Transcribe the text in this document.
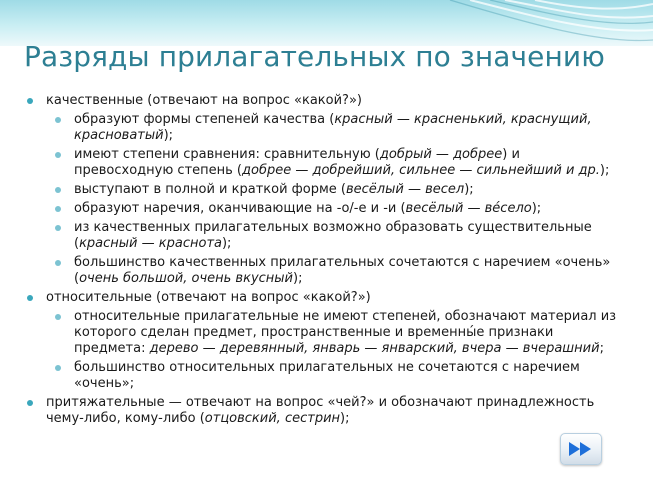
Разряды прилагательных по значению
качественные (отвечают на вопрос «какой?»)
образуют формы степеней качества (красный — красненький, краснущий, красноватый);
имеют степени сравнения: сравнительную (добрый — добрее) и превосходную степень (добрее — добрейший, сильнее — сильнейший и др.);
выступают в полной и краткой форме (весёлый — весел);
образуют наречия, оканчивающие на -о/-е и -и (весёлый — ве́село);
из качественных прилагательных возможно образовать существительные (красный — краснота);
большинство качественных прилагательных сочетаются с наречием «очень» (очень большой, очень вкусный);
относительные (отвечают на вопрос «какой?»)
относительные прилагательные не имеют степеней, обозначают материал из которого сделан предмет, пространственные и временны́е признаки предмета: дерево — деревянный, январь — январский, вчера — вчерашний;
большинство относительных прилагательных не сочетаются с наречием «очень»;
притяжательные — отвечают на вопрос «чей?» и обозначают принадлежность чему-либо, кому-либо (отцовский, сестрин);
